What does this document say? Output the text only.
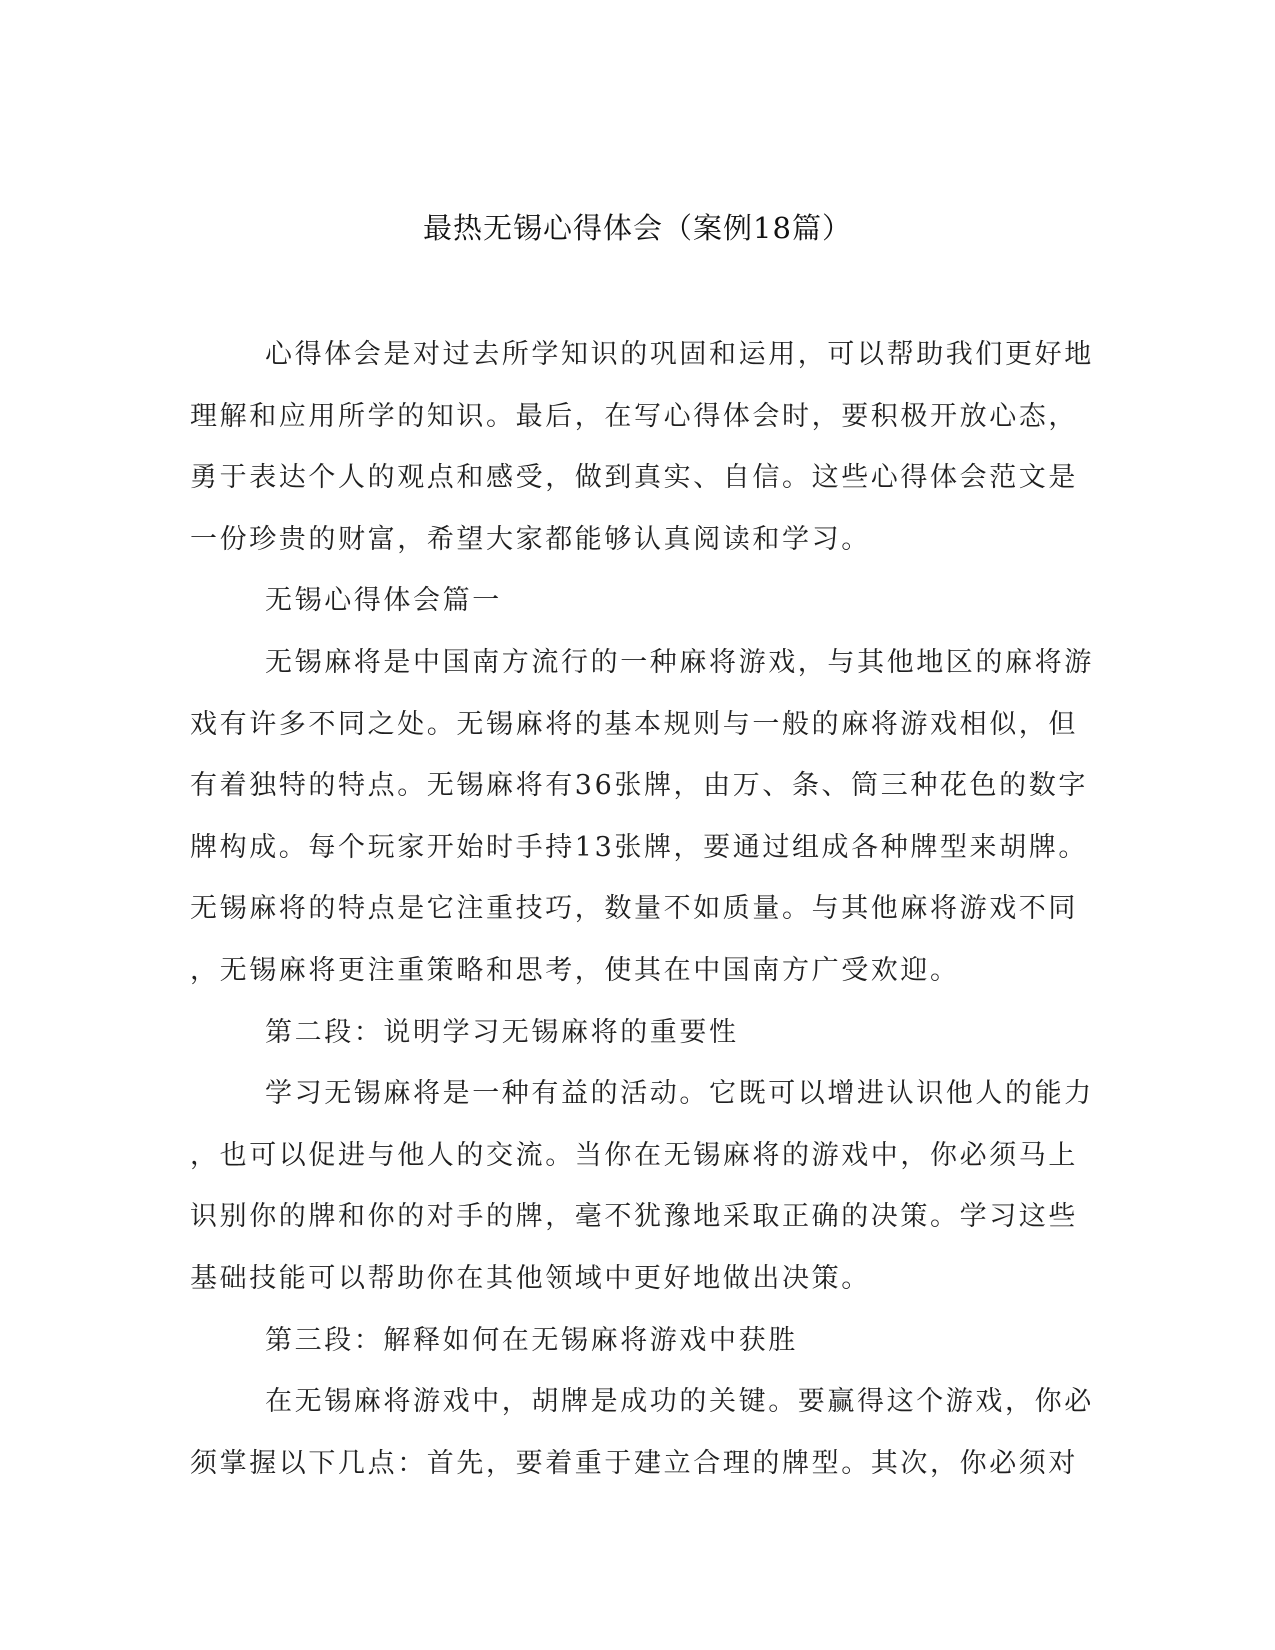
最热无锡心得体会（案例18篇）
心得体会是对过去所学知识的巩固和运用，可以帮助我们更好地
理解和应用所学的知识。最后，在写心得体会时，要积极开放心态，
勇于表达个人的观点和感受，做到真实、自信。这些心得体会范文是
一份珍贵的财富，希望大家都能够认真阅读和学习。
无锡心得体会篇一
无锡麻将是中国南方流行的一种麻将游戏，与其他地区的麻将游
戏有许多不同之处。无锡麻将的基本规则与一般的麻将游戏相似，但
有着独特的特点。无锡麻将有36张牌，由万、条、筒三种花色的数字
牌构成。每个玩家开始时手持13张牌，要通过组成各种牌型来胡牌。
无锡麻将的特点是它注重技巧，数量不如质量。与其他麻将游戏不同
，无锡麻将更注重策略和思考，使其在中国南方广受欢迎。
第二段：说明学习无锡麻将的重要性
学习无锡麻将是一种有益的活动。它既可以增进认识他人的能力
，也可以促进与他人的交流。当你在无锡麻将的游戏中，你必须马上
识别你的牌和你的对手的牌，毫不犹豫地采取正确的决策。学习这些
基础技能可以帮助你在其他领域中更好地做出决策。
第三段：解释如何在无锡麻将游戏中获胜
在无锡麻将游戏中，胡牌是成功的关键。要赢得这个游戏，你必
须掌握以下几点：首先，要着重于建立合理的牌型。其次，你必须对
